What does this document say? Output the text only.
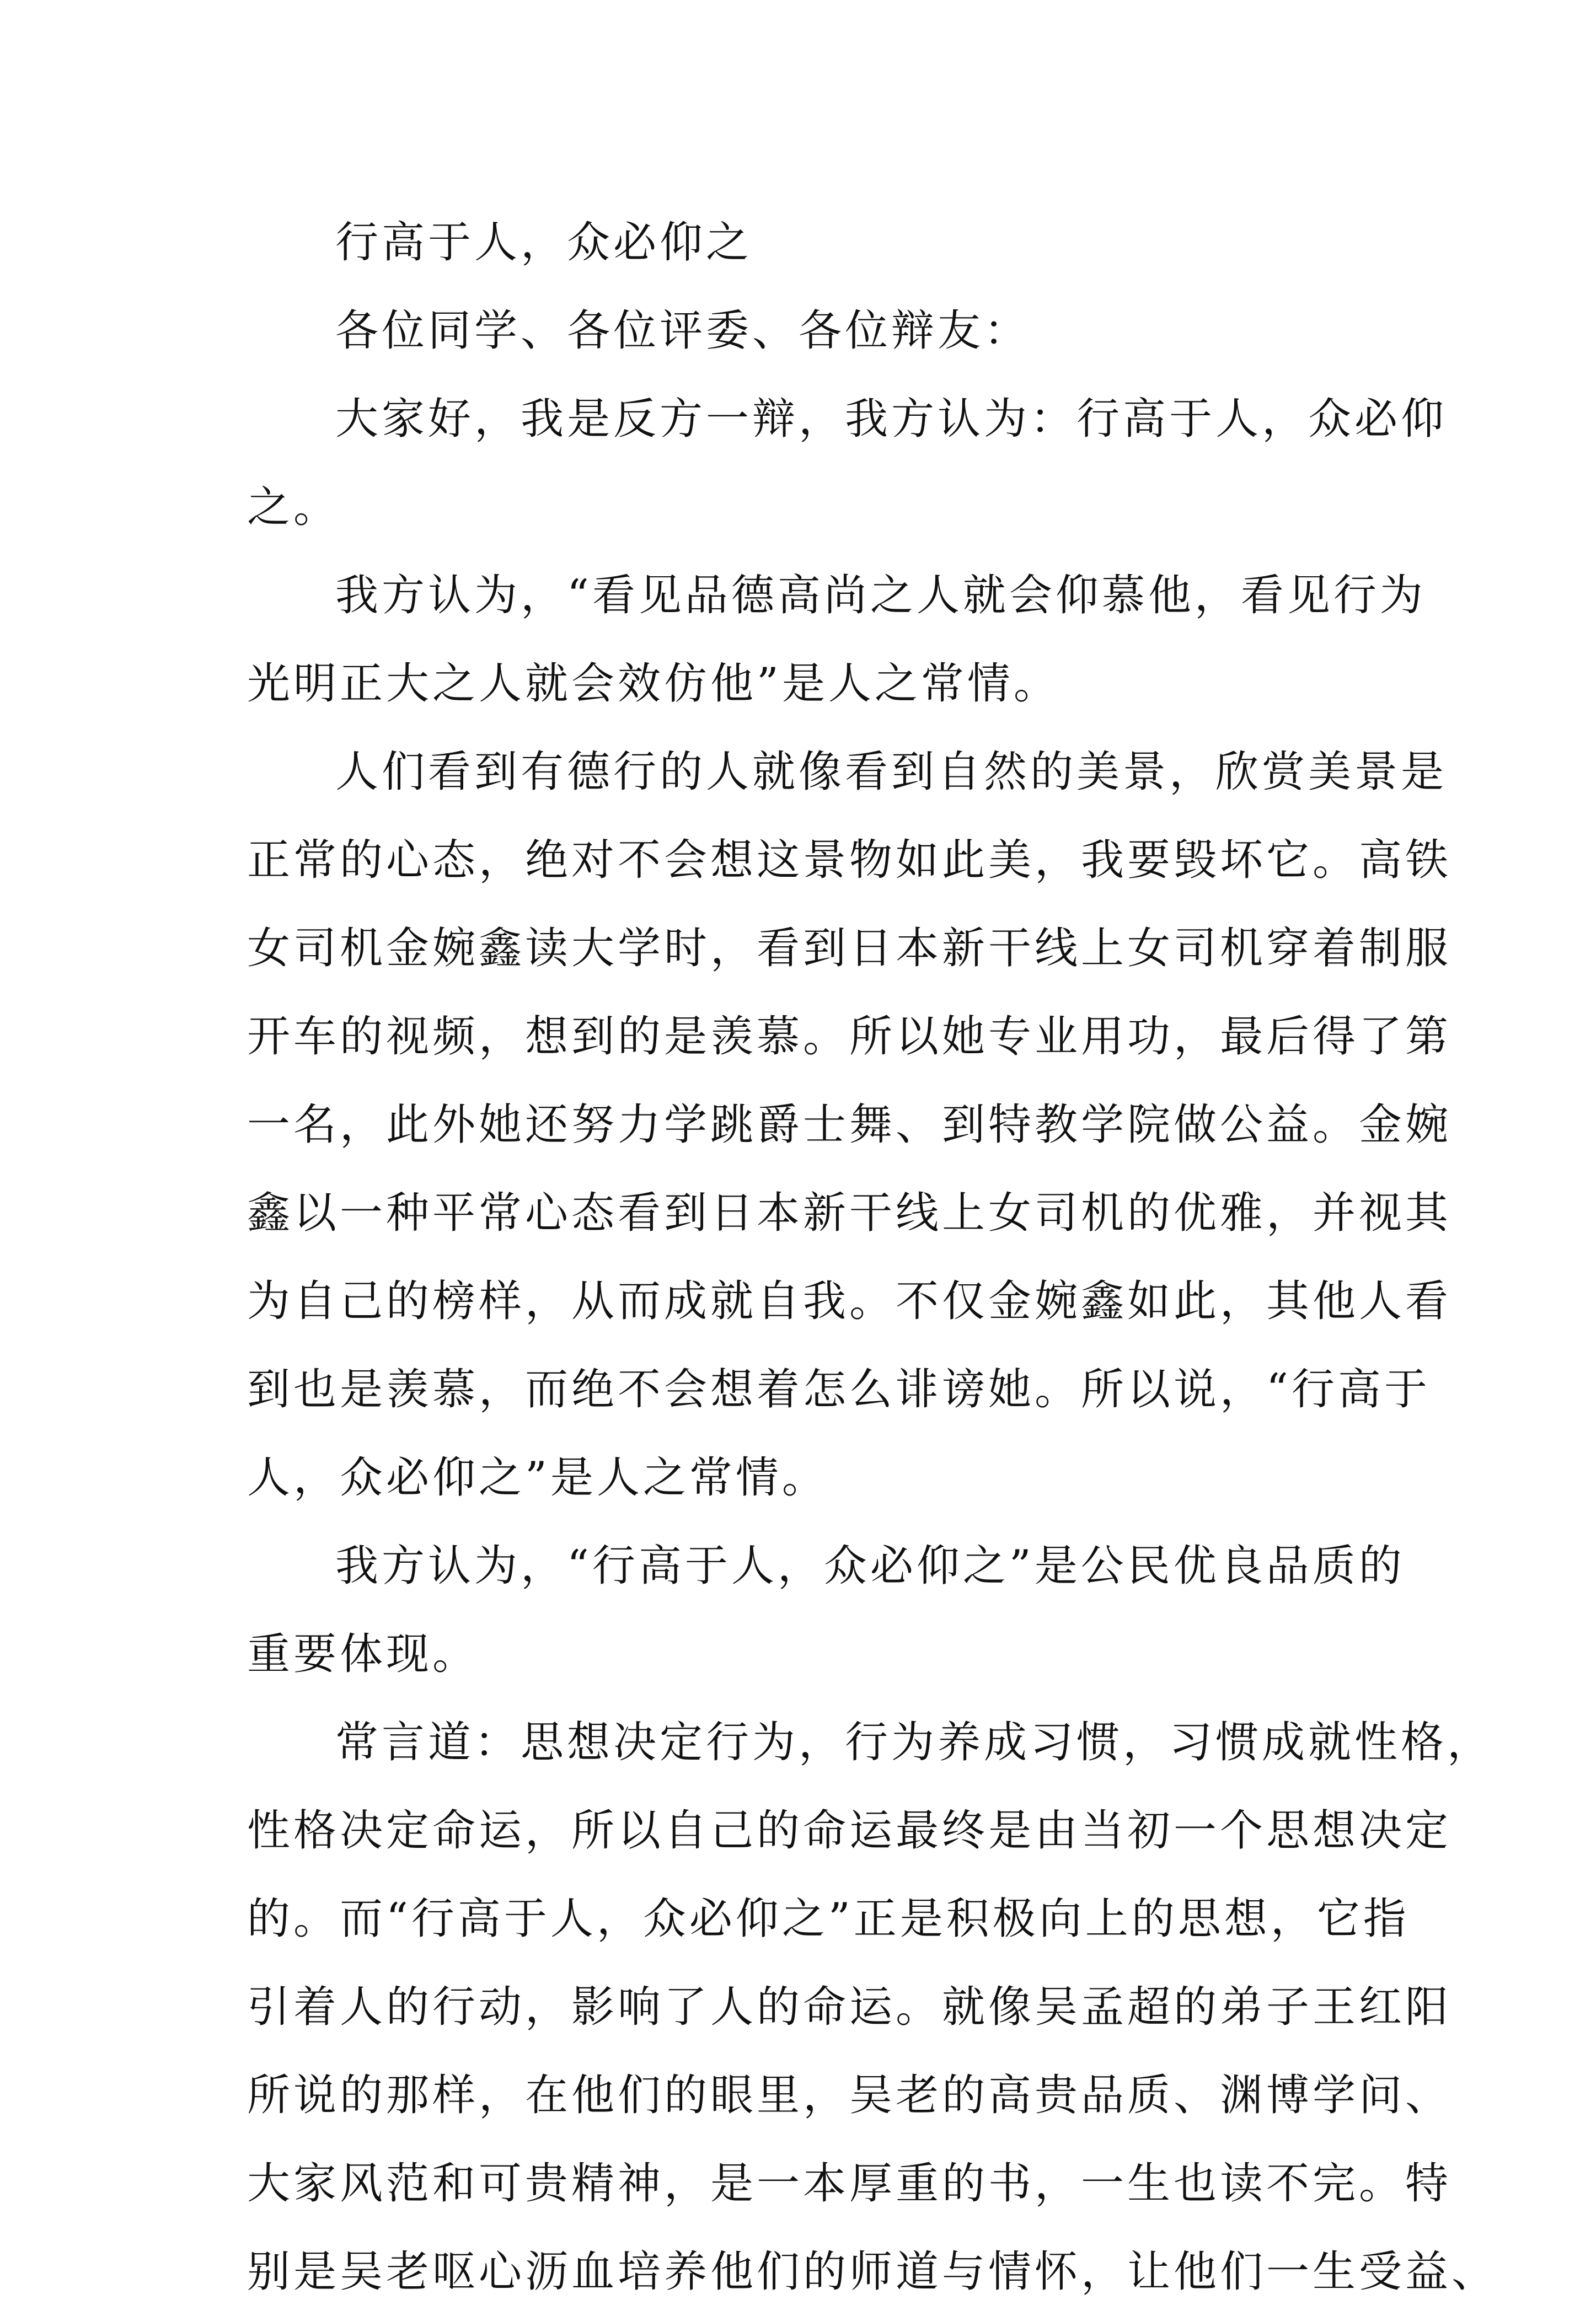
行高于人，众必仰之
各位同学、各位评委、各位辩友：
大家好，我是反方一辩，我方认为：行高于人，众必仰
之。
我方认为，“看见品德高尚之人就会仰慕他，看见行为
光明正大之人就会效仿他”是人之常情。
人们看到有德行的人就像看到自然的美景，欣赏美景是
正常的心态，绝对不会想这景物如此美，我要毁坏它。高铁
女司机金婉鑫读大学时，看到日本新干线上女司机穿着制服
开车的视频，想到的是羡慕。所以她专业用功，最后得了第
一名，此外她还努力学跳爵士舞、到特教学院做公益。金婉
鑫以一种平常心态看到日本新干线上女司机的优雅，并视其
为自己的榜样，从而成就自我。不仅金婉鑫如此，其他人看
到也是羡慕，而绝不会想着怎么诽谤她。所以说，“行高于
人，众必仰之”是人之常情。
我方认为，“行高于人，众必仰之”是公民优良品质的
重要体现。
常言道：思想决定行为，行为养成习惯，习惯成就性格，
性格决定命运，所以自己的命运最终是由当初一个思想决定
的。而“行高于人，众必仰之”正是积极向上的思想，它指
引着人的行动，影响了人的命运。就像吴孟超的弟子王红阳
所说的那样，在他们的眼里，吴老的高贵品质、渊博学问、
大家风范和可贵精神，是一本厚重的书，一生也读不完。特
别是吴老呕心沥血培养他们的师道与情怀，让他们一生受益、
